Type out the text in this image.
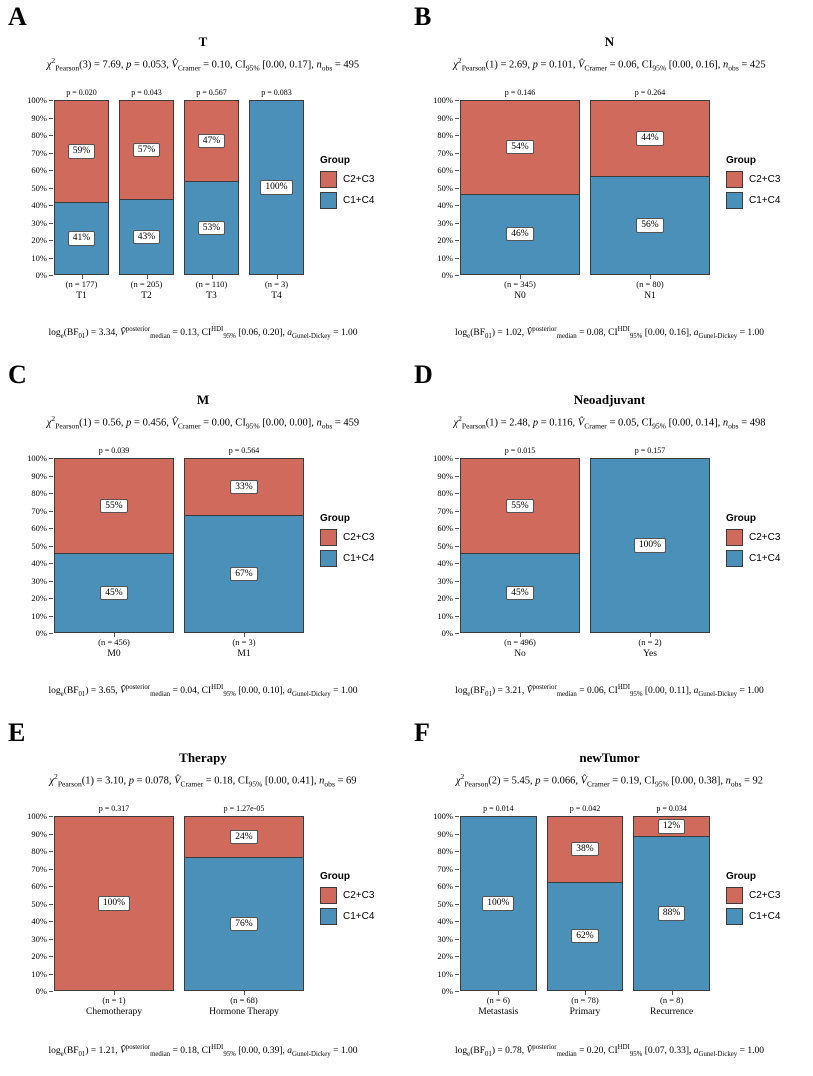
A
T
$\chi^2_{Pearson}(3) = 7.69$, p = 0.053, $V̂_{Cramer} = 0.10$, $CI_{95\%}$ [0.00, 0.17], $n_{obs} = 495$
$\log_e(BF_{01}) = 3.34$, V̂$^{posterior}_{median}$ = 0.13, $CI^{HDI}_{95\%}$ [0.06, 0.20], $a_{Gunel-Dickey} = 1.00$
100%
90%
80%
70%
60%
50%
40%
30%
20%
10%
0%
p = 0.020
59%
41%
p = 0.043
57%
43%
p = 0.567
47%
53%
p = 0.083
100%
(n = 177)
T1
(n = 205)
T2
(n = 110)
T3
(n = 3)
T4
Group
C2+C3
C1+C4
B
N
$\chi^2_{Pearson}(1) = 2.69$, p = 0.101, $V̂_{Cramer} = 0.06$, $CI_{95\%}$ [0.00, 0.16], $n_{obs} = 425$
$\log_e(BF_{01}) = 1.02$, V̂$^{posterior}_{median}$ = 0.08, $CI^{HDI}_{95\%}$ [0.00, 0.16], $a_{Gunel-Dickey} = 1.00$
100%
90%
80%
70%
60%
50%
40%
30%
20%
10%
0%
p = 0.146
54%
46%
p = 0.264
44%
56%
(n = 345)
N0
(n = 80)
N1
Group
C2+C3
C1+C4
C
M
$\chi^2_{Pearson}(1) = 0.56$, p = 0.456, $V̂_{Cramer} = 0.00$, $CI_{95\%}$ [0.00, 0.00], $n_{obs} = 459$
$\log_e(BF_{01}) = 3.65$, V̂$^{posterior}_{median}$ = 0.04, $CI^{HDI}_{95\%}$ [0.00, 0.10], $a_{Gunel-Dickey} = 1.00$
100%
90%
80%
70%
60%
50%
40%
30%
20%
10%
0%
p = 0.039
55%
45%
p = 0.564
33%
67%
(n = 456)
M0
(n = 3)
M1
Group
C2+C3
C1+C4
D
Neoadjuvant
$\chi^2_{Pearson}(1) = 2.48$, p = 0.116, $V̂_{Cramer} = 0.05$, $CI_{95\%}$ [0.00, 0.14], $n_{obs} = 498$
$\log_e(BF_{01}) = 3.21$, V̂$^{posterior}_{median}$ = 0.06, $CI^{HDI}_{95\%}$ [0.00, 0.11], $a_{Gunel-Dickey} = 1.00$
100%
90%
80%
70%
60%
50%
40%
30%
20%
10%
0%
p = 0.015
55%
45%
p = 0.157
100%
(n = 496)
No
(n = 2)
Yes
Group
C2+C3
C1+C4
E
Therapy
$\chi^2_{Pearson}(1) = 3.10$, p = 0.078, $V̂_{Cramer} = 0.18$, $CI_{95\%}$ [0.00, 0.41], $n_{obs} = 69$
$\log_e(BF_{01}) = 1.21$, V̂$^{posterior}_{median}$ = 0.18, $CI^{HDI}_{95\%}$ [0.00, 0.39], $a_{Gunel-Dickey} = 1.00$
100%
90%
80%
70%
60%
50%
40%
30%
20%
10%
0%
p = 0.317
100%
p = 1.27e-05
24%
76%
(n = 1)
Chemotherapy
(n = 68)
Hormone Therapy
Group
C2+C3
C1+C4
F
newTumor
$\chi^2_{Pearson}(2) = 5.45$, p = 0.066, $V̂_{Cramer} = 0.19$, $CI_{95\%}$ [0.00, 0.38], $n_{obs} = 92$
$\log_e(BF_{01}) = 0.78$, V̂$^{posterior}_{median}$ = 0.20, $CI^{HDI}_{95\%}$ [0.07, 0.33], $a_{Gunel-Dickey} = 1.00$
100%
90%
80%
70%
60%
50%
40%
30%
20%
10%
0%
p = 0.014
100%
p = 0.042
38%
62%
p = 0.034
12%
88%
(n = 6)
Metastasis
(n = 78)
Primary
(n = 8)
Recurrence
Group
C2+C3
C1+C4
